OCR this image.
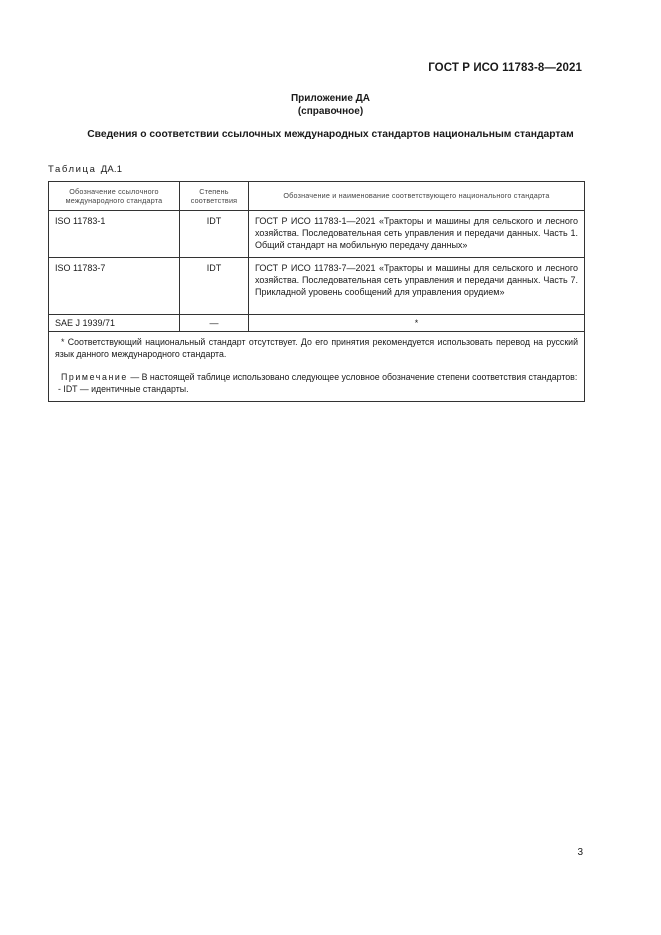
ГОСТ Р ИСО 11783-8—2021
Приложение ДА
(справочное)
Сведения о соответствии ссылочных международных стандартов национальным стандартам
Таблица ДА.1
Обозначение ссылочного международного стандарта	Степень соответствия	Обозначение и наименование соответствующего национального стандарта
ISO 11783-1	IDT	ГОСТ Р ИСО 11783-1—2021 «Тракторы и машины для сельского и лесного хозяйства. Последовательная сеть управления и передачи данных. Часть 1. Общий стандарт на мобильную передачу данных»
ISO 11783-7	IDT	ГОСТ Р ИСО 11783-7—2021 «Тракторы и машины для сельского и лесного хозяйства. Последовательная сеть управления и передачи данных. Часть 7. Прикладной уровень сообщений для управления орудием»
SAE J 1939/71	—	*

* Соответствующий национальный стандарт отсутствует. До его принятия рекомендуется использовать перевод на русский язык данного международного стандарта.

Примечание — В настоящей таблице использовано следующее условное обозначение степени соответствия стандартов:

- IDT — идентичные стандарты.		

3
